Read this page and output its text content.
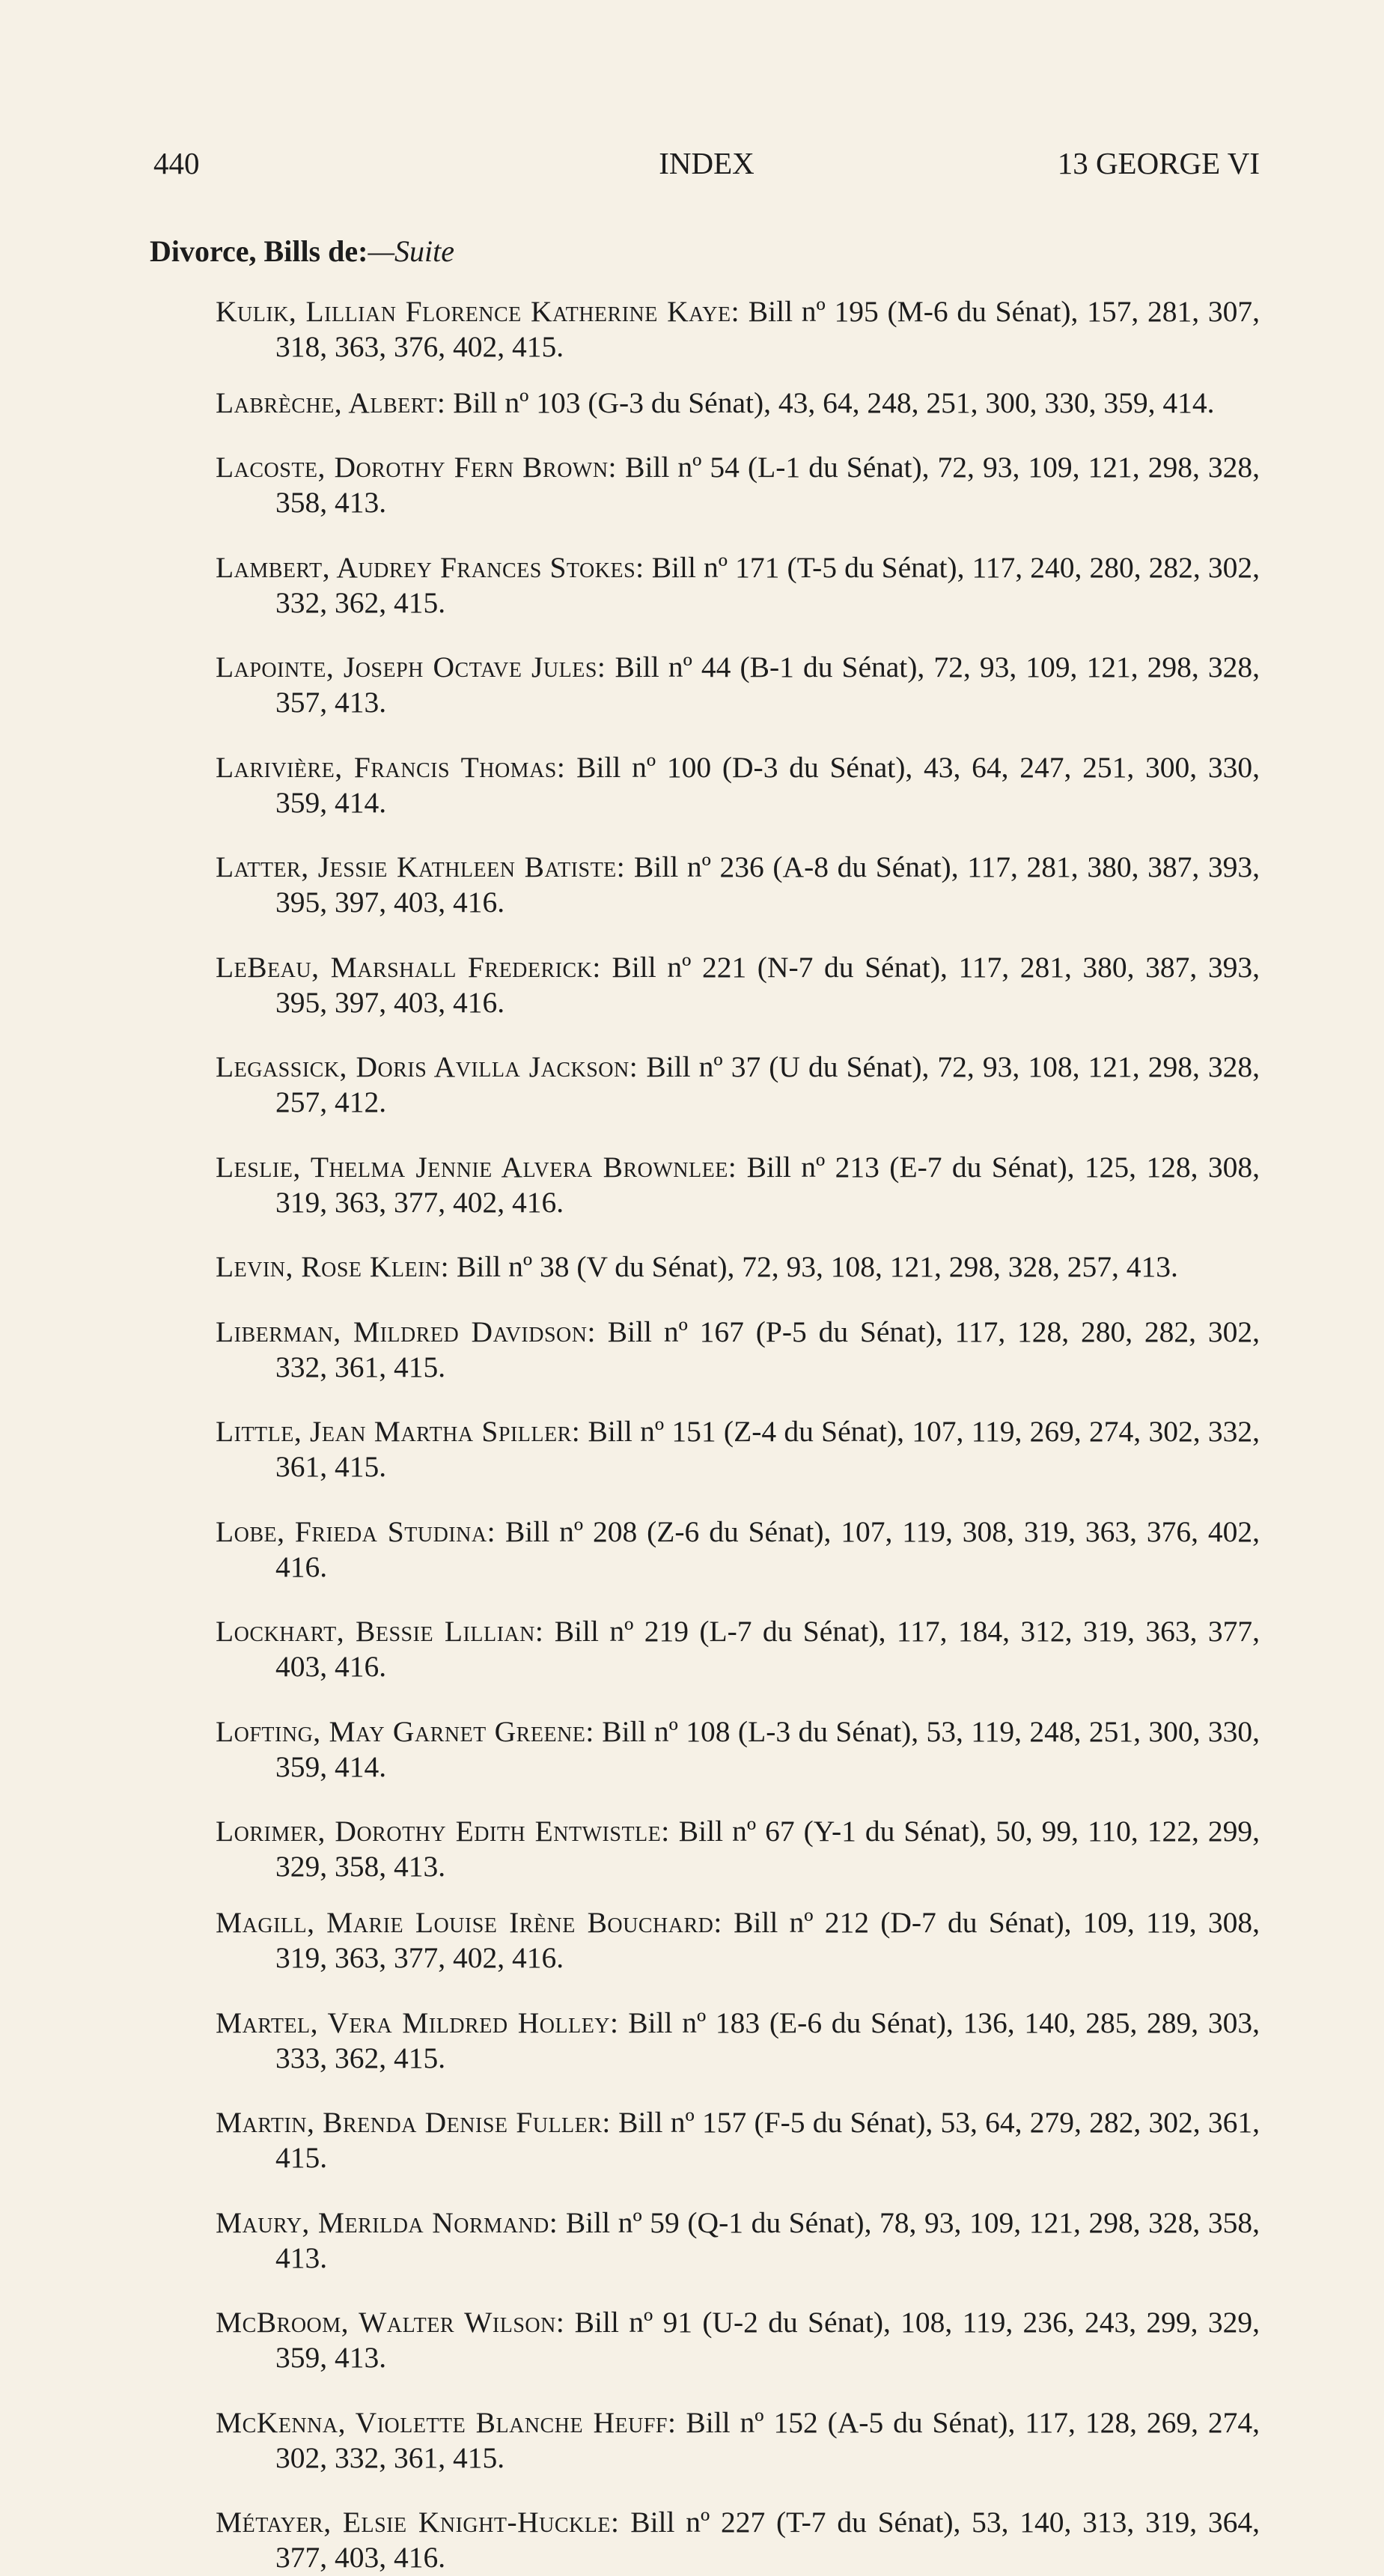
440	INDEX	13 GEORGE VI
Divorce, Bills de:—Suite

Kulik, Lillian Florence Katherine Kaye: Bill nº 195 (M-6 du Sénat), 157, 281, 307, 318, 363, 376, 402, 415.

Labrèche, Albert: Bill nº 103 (G-3 du Sénat), 43, 64, 248, 251, 300, 330, 359, 414.

Lacoste, Dorothy Fern Brown: Bill nº 54 (L-1 du Sénat), 72, 93, 109, 121, 298, 328, 358, 413.

Lambert, Audrey Frances Stokes: Bill nº 171 (T-5 du Sénat), 117, 240, 280, 282, 302, 332, 362, 415.

Lapointe, Joseph Octave Jules: Bill nº 44 (B-1 du Sénat), 72, 93, 109, 121, 298, 328, 357, 413.

Larivière, Francis Thomas: Bill nº 100 (D-3 du Sénat), 43, 64, 247, 251, 300, 330, 359, 414.

Latter, Jessie Kathleen Batiste: Bill nº 236 (A-8 du Sénat), 117, 281, 380, 387, 393, 395, 397, 403, 416.

LeBeau, Marshall Frederick: Bill nº 221 (N-7 du Sénat), 117, 281, 380, 387, 393, 395, 397, 403, 416.

Legassick, Doris Avilla Jackson: Bill nº 37 (U du Sénat), 72, 93, 108, 121, 298, 328, 257, 412.

Leslie, Thelma Jennie Alvera Brownlee: Bill nº 213 (E-7 du Sénat), 125, 128, 308, 319, 363, 377, 402, 416.

Levin, Rose Klein: Bill nº 38 (V du Sénat), 72, 93, 108, 121, 298, 328, 257, 413.

Liberman, Mildred Davidson: Bill nº 167 (P-5 du Sénat), 117, 128, 280, 282, 302, 332, 361, 415.

Little, Jean Martha Spiller: Bill nº 151 (Z-4 du Sénat), 107, 119, 269, 274, 302, 332, 361, 415.

Lobe, Frieda Studina: Bill nº 208 (Z-6 du Sénat), 107, 119, 308, 319, 363, 376, 402, 416.

Lockhart, Bessie Lillian: Bill nº 219 (L-7 du Sénat), 117, 184, 312, 319, 363, 377, 403, 416.

Lofting, May Garnet Greene: Bill nº 108 (L-3 du Sénat), 53, 119, 248, 251, 300, 330, 359, 414.

Lorimer, Dorothy Edith Entwistle: Bill nº 67 (Y-1 du Sénat), 50, 99, 110, 122, 299, 329, 358, 413.

Magill, Marie Louise Irène Bouchard: Bill nº 212 (D-7 du Sénat), 109, 119, 308, 319, 363, 377, 402, 416.

Martel, Vera Mildred Holley: Bill nº 183 (E-6 du Sénat), 136, 140, 285, 289, 303, 333, 362, 415.

Martin, Brenda Denise Fuller: Bill nº 157 (F-5 du Sénat), 53, 64, 279, 282, 302, 361, 415.

Maury, Merilda Normand: Bill nº 59 (Q-1 du Sénat), 78, 93, 109, 121, 298, 328, 358, 413.

McBroom, Walter Wilson: Bill nº 91 (U-2 du Sénat), 108, 119, 236, 243, 299, 329, 359, 413.

McKenna, Violette Blanche Heuff: Bill nº 152 (A-5 du Sénat), 117, 128, 269, 274, 302, 332, 361, 415.

Métayer, Elsie Knight-Huckle: Bill nº 227 (T-7 du Sénat), 53, 140, 313, 319, 364, 377, 403, 416.
